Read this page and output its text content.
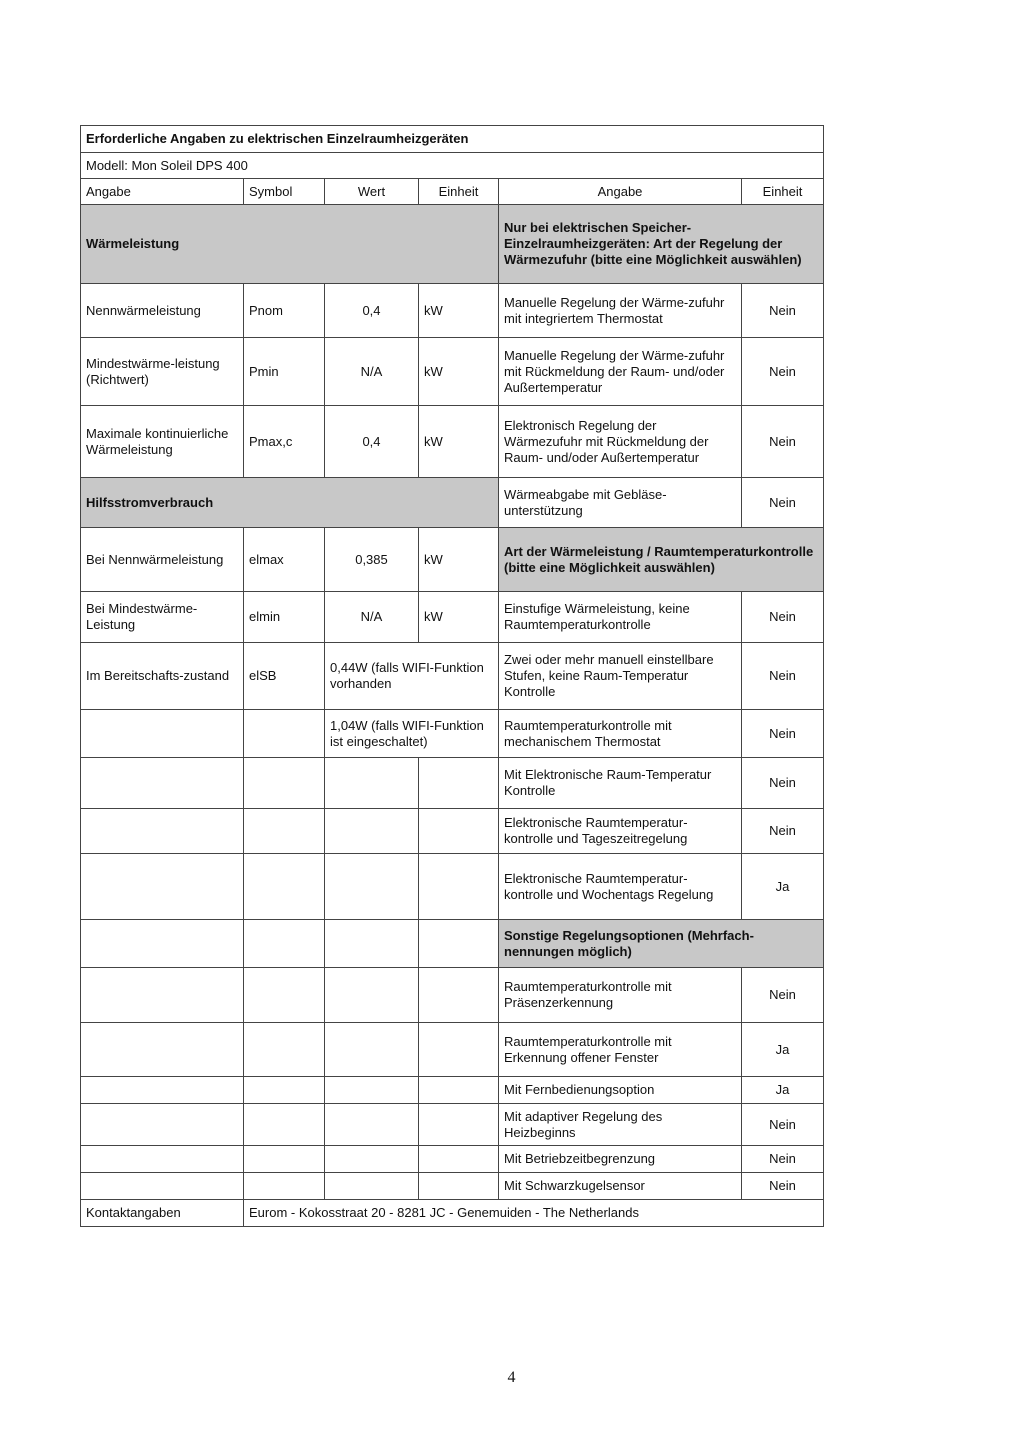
Erforderliche Angaben zu elektrischen Einzelraumheizgeräten					
Modell: Mon Soleil DPS 400					
Angabe	Symbol	Wert	Einheit	Angabe	Einheit
Wärmeleistung				Nur bei elektrischen Speicher-Einzelraumheizgeräten: Art der Regelung der Wärmezufuhr (bitte eine Möglichkeit auswählen)	
Nennwärmeleistung	Pnom	0,4	kW	Manuelle Regelung der Wärme-zufuhr mit integriertem Thermostat	Nein
Mindestwärme-leistung (Richtwert)	Pmin	N/A	kW	Manuelle Regelung der Wärme-zufuhr mit Rückmeldung der Raum- und/oder Außertemperatur	Nein
Maximale kontinuierliche Wärmeleistung	Pmax,c	0,4	kW	Elektronisch Regelung der Wärmezufuhr mit Rückmeldung der Raum- und/oder Außertemperatur	Nein
Hilfsstromverbrauch				Wärmeabgabe mit Gebläse-unterstützung	Nein
Bei Nennwärmeleistung	elmax	0,385	kW	Art der Wärmeleistung / Raumtemperaturkontrolle (bitte eine Möglichkeit auswählen)	
Bei Mindestwärme-Leistung	elmin	N/A	kW	Einstufige Wärmeleistung, keine Raumtemperaturkontrolle	Nein
Im Bereitschafts-zustand	elSB	0,44W (falls WIFI-Funktion vorhanden		Zwei oder mehr manuell einstellbare Stufen, keine Raum-Temperatur Kontrolle	Nein
		1,04W (falls WIFI-Funktion ist eingeschaltet)		Raumtemperaturkontrolle mit mechanischem Thermostat	Nein
				Mit Elektronische Raum-Temperatur Kontrolle	Nein
				Elektronische Raumtemperatur-kontrolle und Tageszeitregelung	Nein
				Elektronische Raumtemperatur-kontrolle und Wochentags Regelung	Ja
				Sonstige Regelungsoptionen (Mehrfach-nennungen möglich)	
				Raumtemperaturkontrolle mit Präsenzerkennung	Nein
				Raumtemperaturkontrolle mit Erkennung offener Fenster	Ja
				Mit Fernbedienungsoption	Ja
				Mit adaptiver Regelung des Heizbeginns	Nein
				Mit Betriebzeitbegrenzung	Nein
				Mit Schwarzkugelsensor	Nein
Kontaktangaben	Eurom - Kokosstraat 20 - 8281 JC - Genemuiden - The Netherlands				
4
